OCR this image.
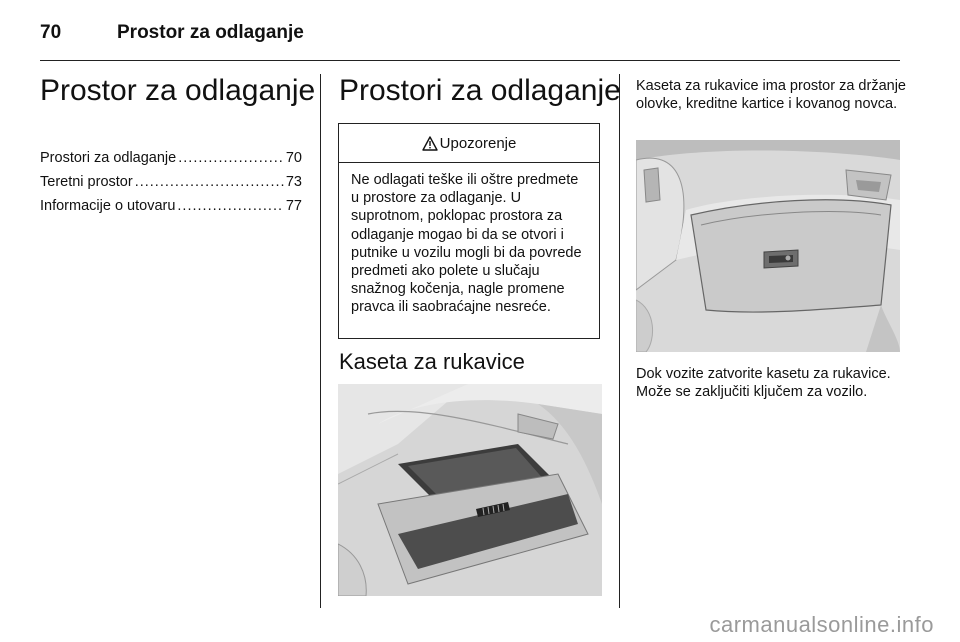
70	Prostor za odlaganje
Prostor za odlaganje
Prostori za odlaganje .....	70
Teretni prostor .....	73
Informacije o utovaru .....	77
Prostori za odlaganje
Upozorenje

Ne odlagati teške ili oštre predmete u prostore za odlaganje. U suprotnom, poklopac prostora za odlaganje mogao bi da se otvori i putnike u vozilu mogli bi da povrede predmeti ako polete u slučaju snažnog kočenja, nagle promene pravca ili saobraćajne nesreće.

Kaseta za rukavice

Kaseta za rukavice ima prostor za držanje olovke, kreditne kartice i kovanog novca.

Dok vozite zatvorite kasetu za rukavice. Može se zaključiti ključem za vozilo.

carmanualsonline.info
